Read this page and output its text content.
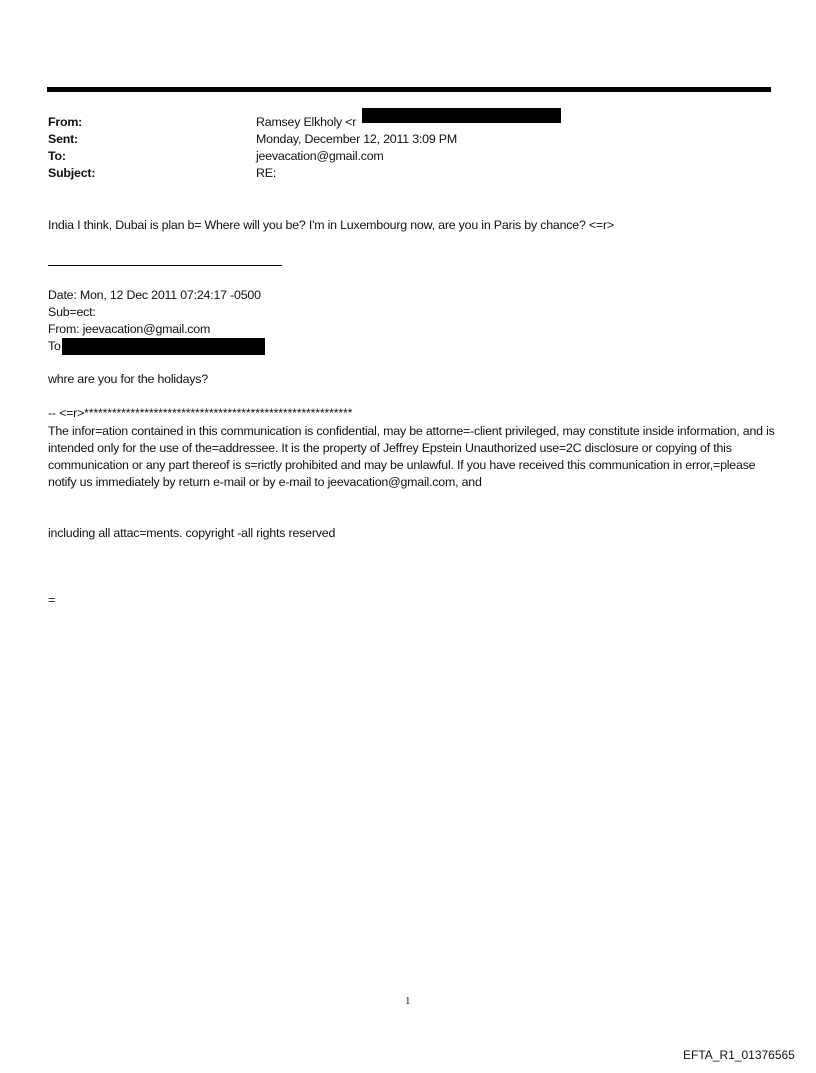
From:	Ramsey Elkholy <r
Sent:	Monday, December 12, 2011 3:09 PM
To:	jeevacation@gmail.com
Subject:	RE:
India I think, Dubai is plan b= Where will you be? I'm in Luxembourg now, are you in Paris by chance? <=r>
Date: Mon, 12 Dec 2011 07:24:17 -0500
Sub=ect:
From: jeevacation@gmail.com
To
whre are you for the holidays?
-- <=r>**********************************************************
The infor=ation contained in this communication is confidential, may be attorne=-client privileged, may constitute inside information, and is intended only for the use of the=addressee. It is the property of Jeffrey Epstein Unauthorized use=2C disclosure or copying of this communication or any part thereof is s=rictly prohibited and may be unlawful. If you have received this communication in error,=please notify us immediately by return e-mail or by e-mail to jeevacation@gmail.com, and
including all attac=ments. copyright -all rights reserved
=
1
EFTA_R1_01376565
